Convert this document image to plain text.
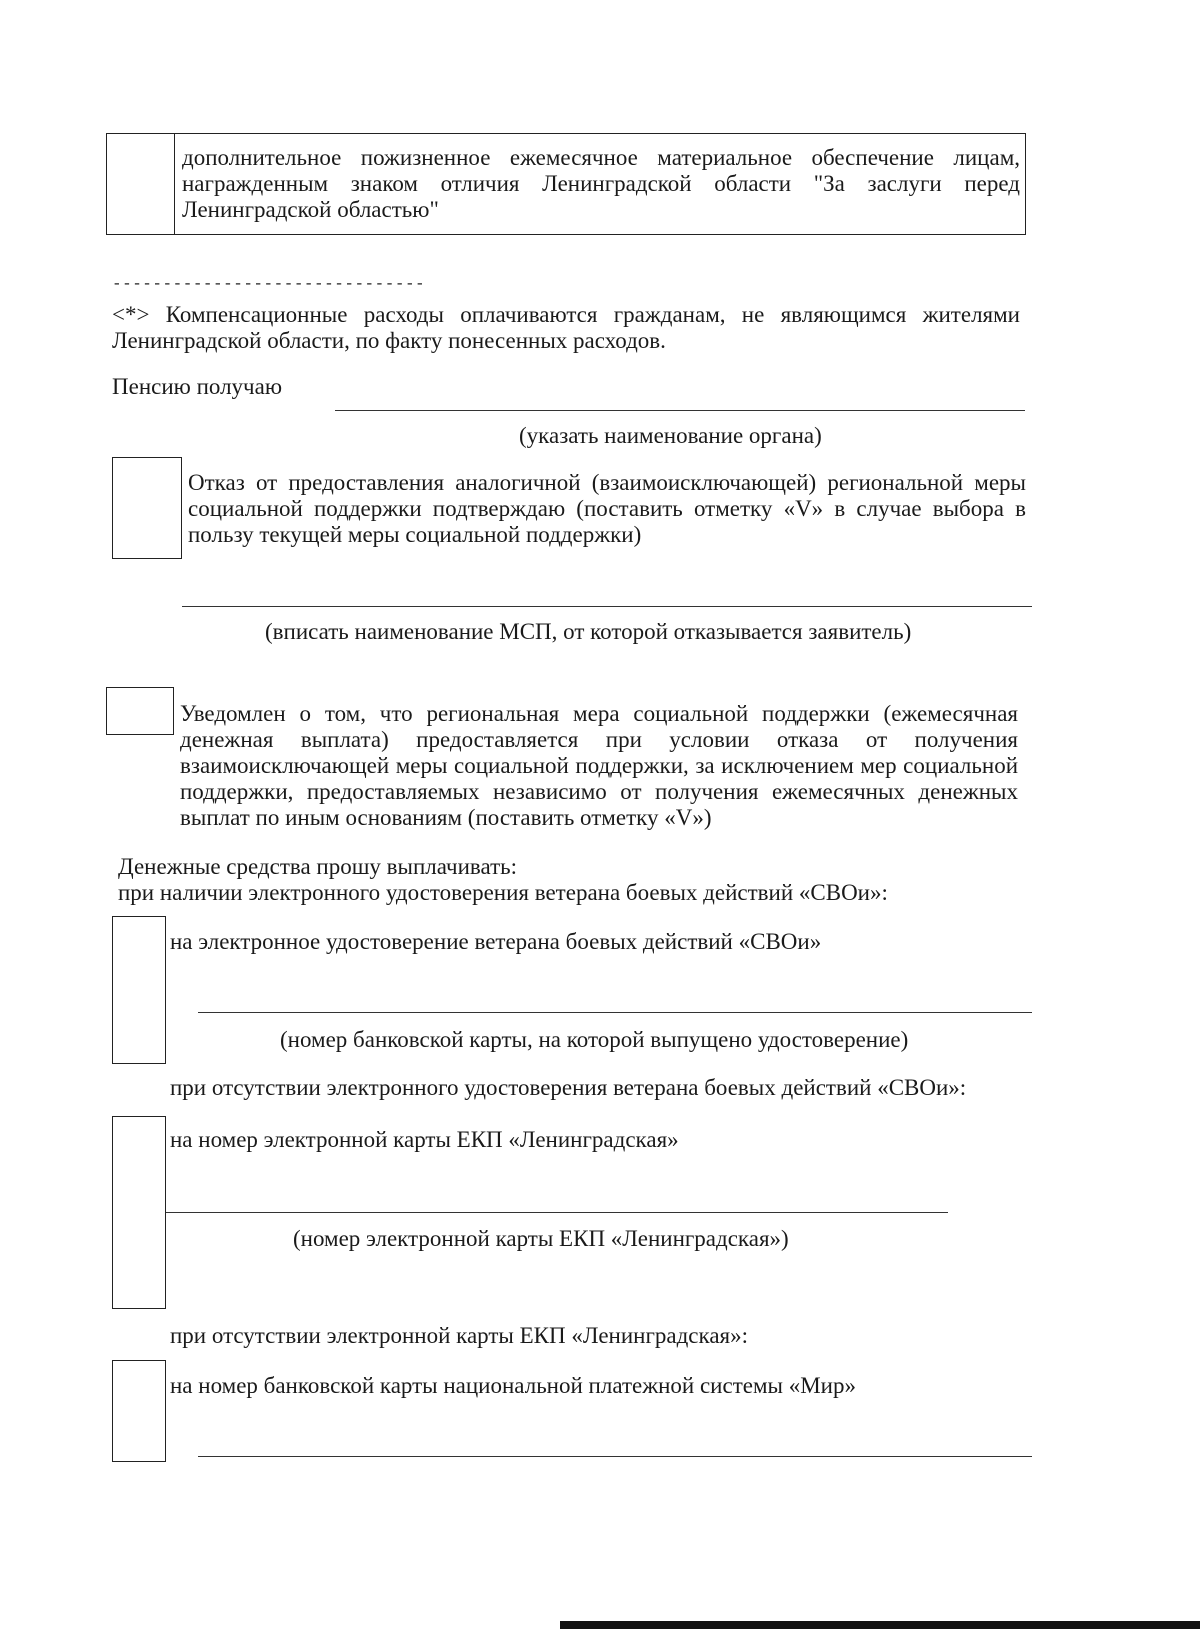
дополнительное пожизненное ежемесячное материальное обеспечение лицам, награжденным знаком отличия Ленинградской области "За заслуги перед Ленинградской областью"
-------------------------------
<*> Компенсационные расходы оплачиваются гражданам, не являющимся жителями Ленинградской области, по факту понесенных расходов.
Пенсию получаю
(указать наименование органа)
Отказ от предоставления аналогичной (взаимоисключающей) региональной меры социальной поддержки подтверждаю (поставить отметку «V» в случае выбора в пользу текущей меры социальной поддержки)
(вписать наименование МСП, от которой отказывается заявитель)
Уведомлен о том, что региональная мера социальной поддержки (ежемесячная денежная выплата) предоставляется при условии отказа от получения взаимоисключающей меры социальной поддержки, за исключением мер социальной поддержки, предоставляемых независимо от получения ежемесячных денежных выплат по иным основаниям (поставить отметку «V»)
Денежные средства прошу выплачивать:
при наличии электронного удостоверения ветерана боевых действий «СВОи»:
на электронное удостоверение ветерана боевых действий «СВОи»
(номер банковской карты, на которой выпущено удостоверение)
при отсутствии электронного удостоверения ветерана боевых действий «СВОи»:
на номер электронной карты ЕКП «Ленинградская»
(номер электронной карты ЕКП «Ленинградская»)
при отсутствии электронной карты ЕКП «Ленинградская»:
на номер банковской карты национальной платежной системы «Мир»
